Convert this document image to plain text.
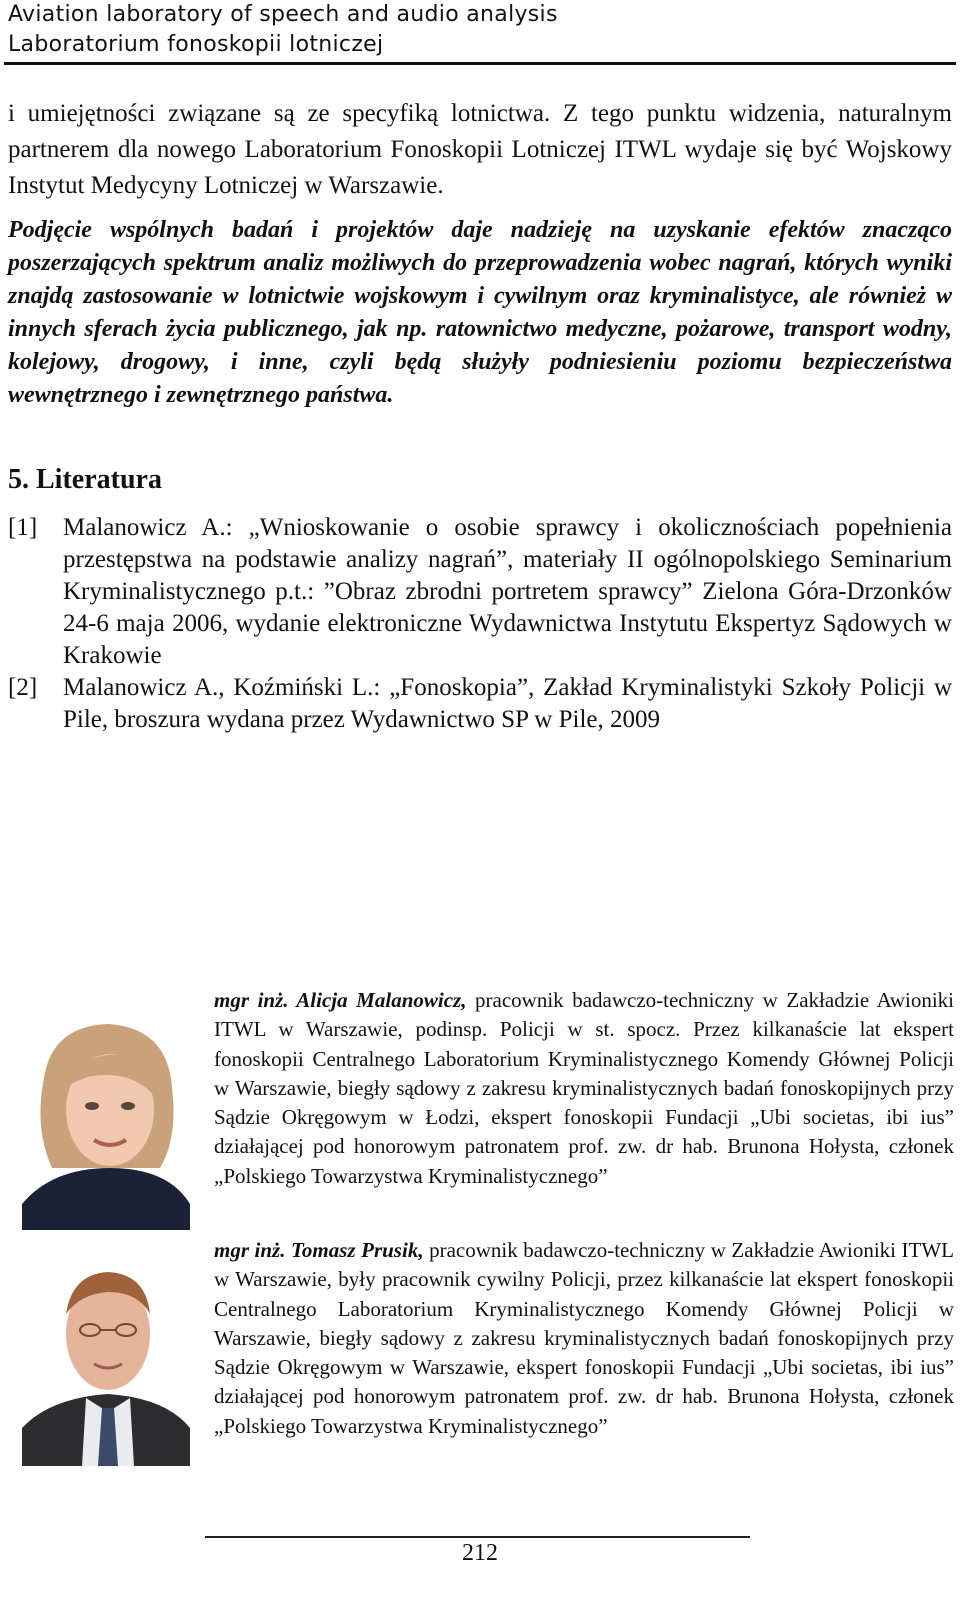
Aviation laboratory of speech and audio analysis
Laboratorium fonoskopii lotniczej

i umiejętności związane są ze specyfiką lotnictwa. Z tego punktu widzenia, naturalnym partnerem dla nowego Laboratorium Fonoskopii Lotniczej ITWL wydaje się być Wojskowy Instytut Medycyny Lotniczej w Warszawie.

Podjęcie wspólnych badań i projektów daje nadzieję na uzyskanie efektów znacząco poszerzających spektrum analiz możliwych do przeprowadzenia wobec nagrań, których wyniki znajdą zastosowanie w lotnictwie wojskowym i cywilnym oraz kryminalistyce, ale również w innych sferach życia publicznego, jak np. ratownictwo medyczne, pożarowe, transport wodny, kolejowy, drogowy, i inne, czyli będą służyły podniesieniu poziomu bezpieczeństwa wewnętrznego i zewnętrznego państwa.

5. Literatura
[1] Malanowicz A.: „Wnioskowanie o osobie sprawcy i okolicznościach popełnienia przestępstwa na podstawie analizy nagrań”, materiały II ogólnopolskiego Seminarium Kryminalistycznego p.t.: ”Obraz zbrodni portretem sprawcy” Zielona Góra-Drzonków 24-6 maja 2006, wydanie elektroniczne Wydawnictwa Instytutu Ekspertyz Sądowych w Krakowie
[2] Malanowicz A., Koźmiński L.: „Fonoskopia”, Zakład Kryminalistyki Szkoły Policji w Pile, broszura wydana przez Wydawnictwo SP w Pile, 2009
mgr inż. Alicja Malanowicz, pracownik badawczo-techniczny w Zakładzie Awioniki ITWL w Warszawie, podinsp. Policji w st. spocz. Przez kilkanaście lat ekspert fonoskopii Centralnego Laboratorium Kryminalistycznego Komendy Głównej Policji w Warszawie, biegły sądowy z zakresu kryminalistycznych badań fonoskopijnych przy Sądzie Okręgowym w Łodzi, ekspert fonoskopii Fundacji „Ubi societas, ibi ius” działającej pod honorowym patronatem prof. zw. dr hab. Brunona Hołysta, członek „Polskiego Towarzystwa Kryminalistycznego”
mgr inż. Tomasz Prusik, pracownik badawczo-techniczny w Zakładzie Awioniki ITWL w Warszawie, były pracownik cywilny Policji, przez kilkanaście lat ekspert fonoskopii Centralnego Laboratorium Kryminalistycznego Komendy Głównej Policji w Warszawie, biegły sądowy z zakresu kryminalistycznych badań fonoskopijnych przy Sądzie Okręgowym w Warszawie, ekspert fonoskopii Fundacji „Ubi societas, ibi ius” działającej pod honorowym patronatem prof. zw. dr hab. Brunona Hołysta, członek „Polskiego Towarzystwa Kryminalistycznego”
212
